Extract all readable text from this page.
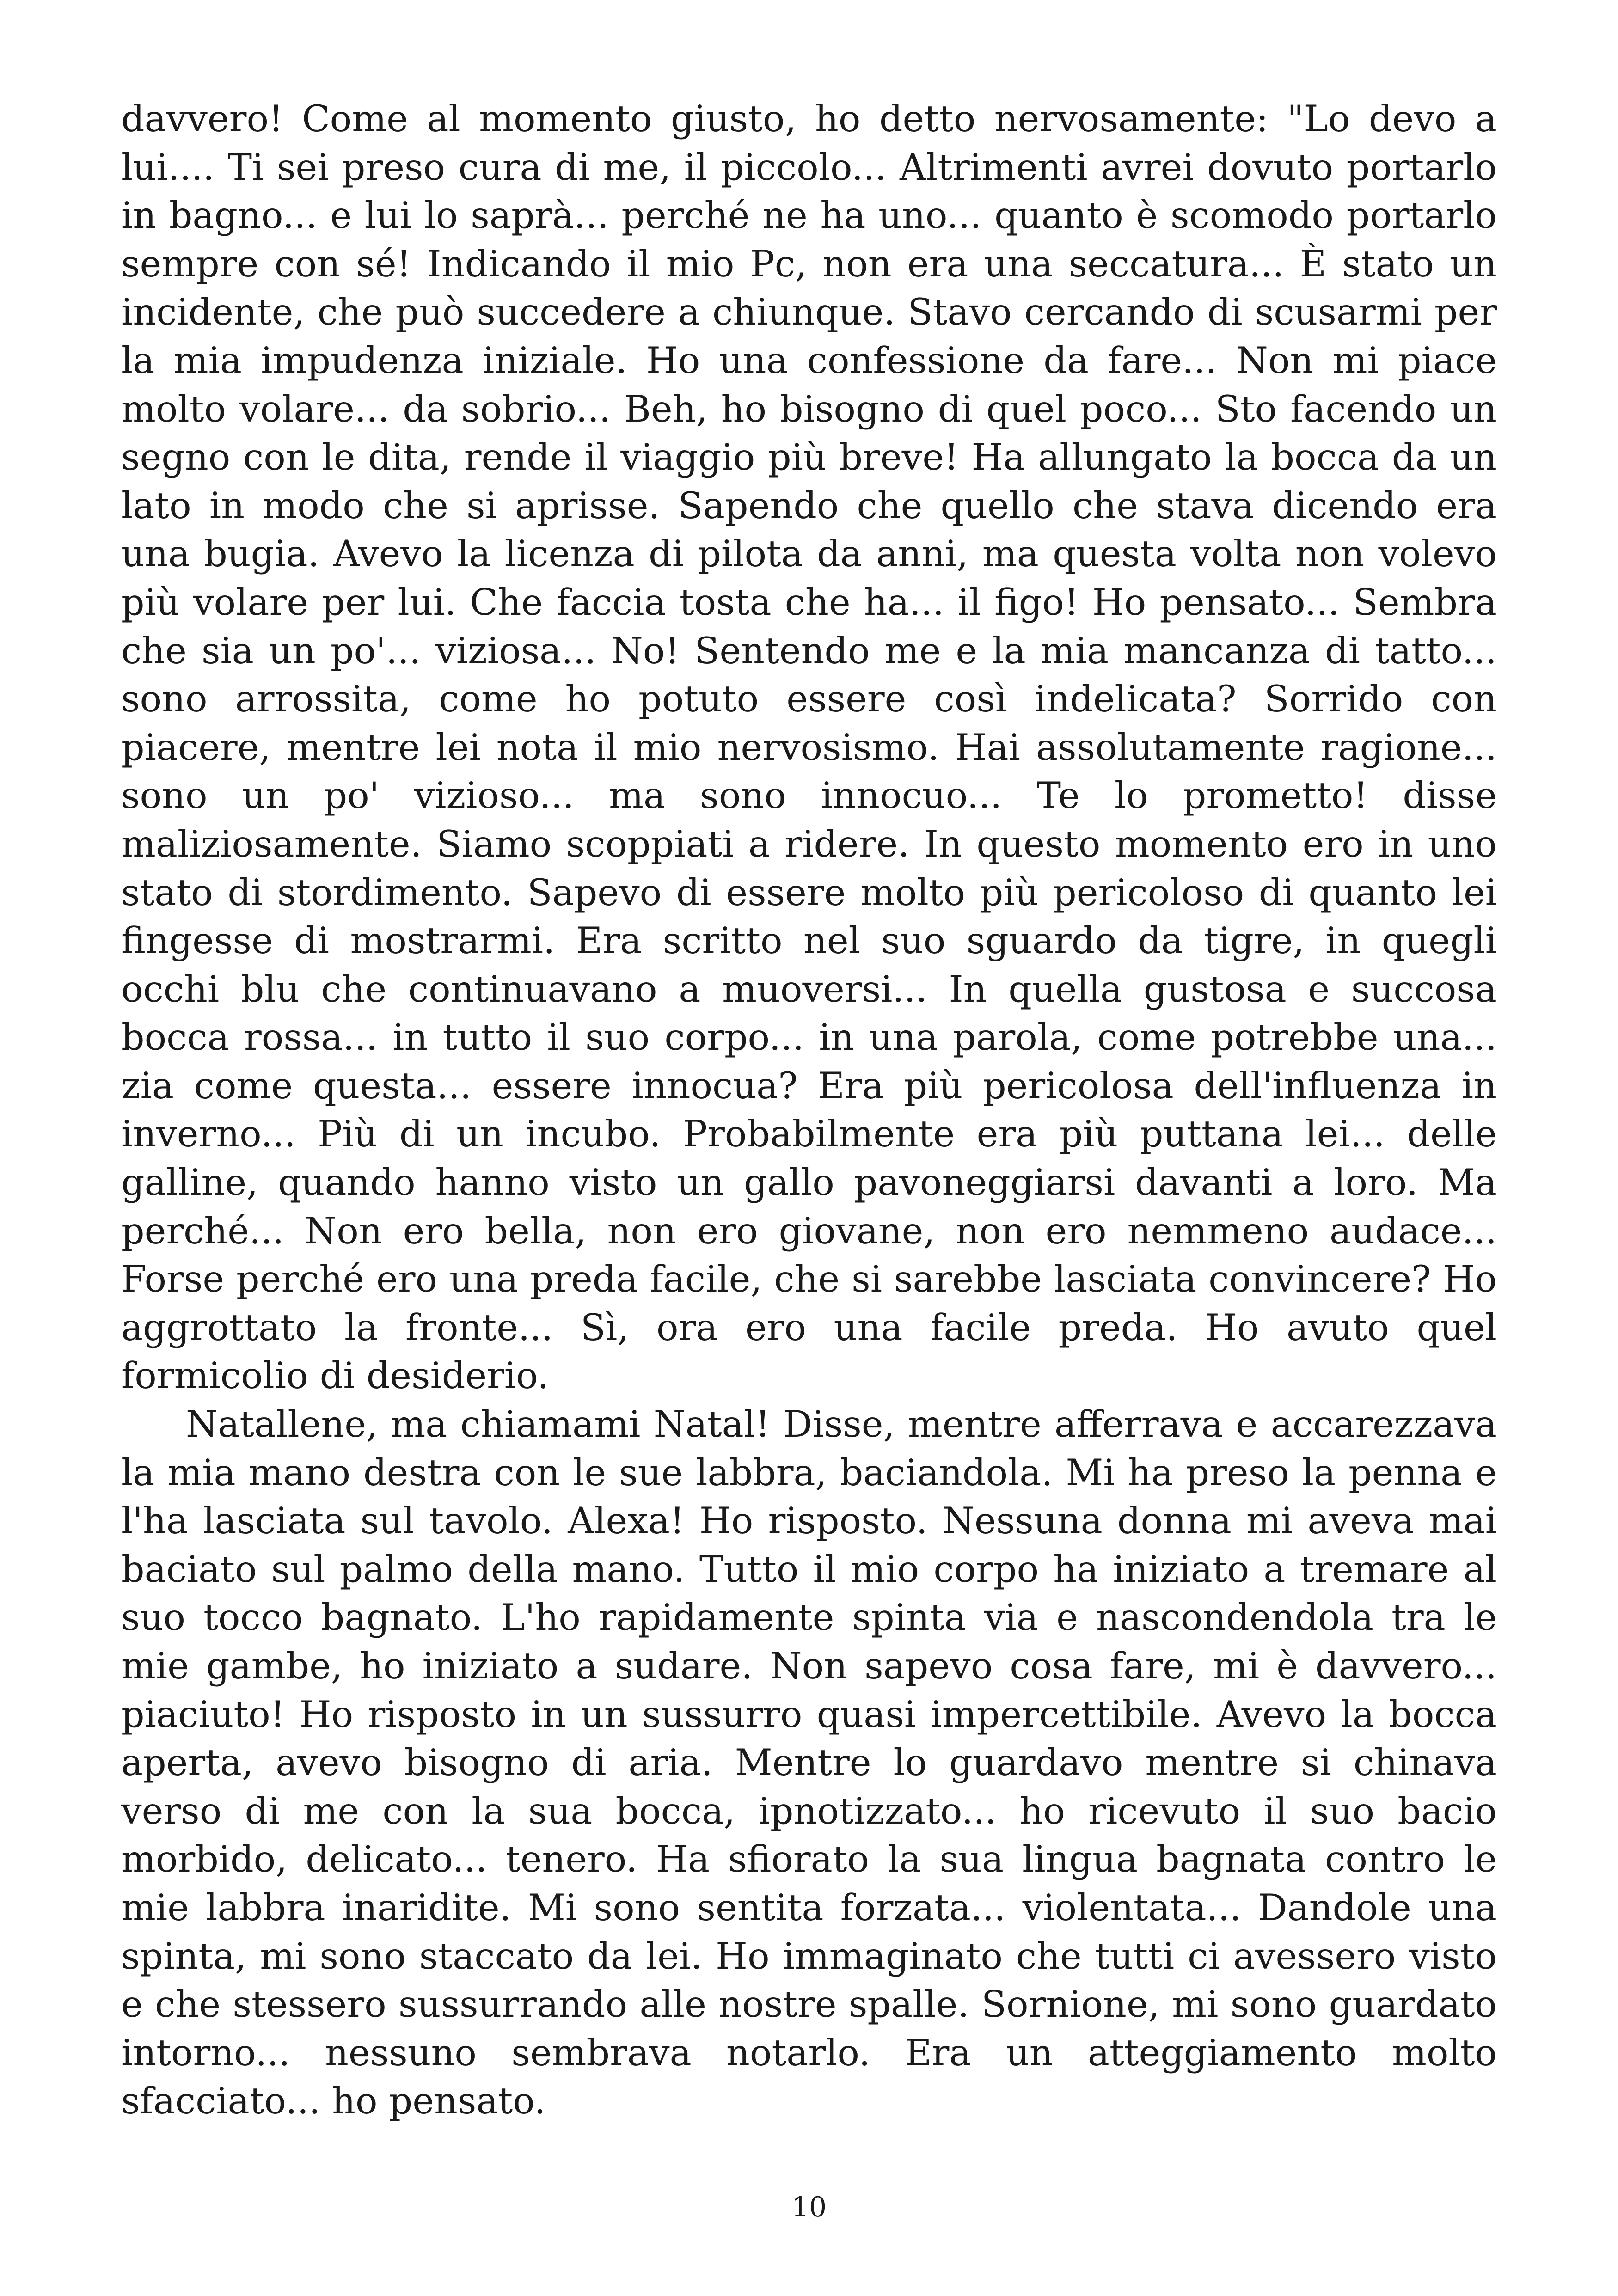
davvero! Come al momento giusto, ho detto nervosamente: "Lo devo a lui.... Ti sei preso cura di me, il piccolo... Altrimenti avrei dovuto portarlo in bagno... e lui lo saprà... perché ne ha uno... quanto è scomodo portarlo sempre con sé! Indicando il mio Pc, non era una seccatura... È stato un incidente, che può succedere a chiunque. Stavo cercando di scusarmi per la mia impudenza iniziale. Ho una confessione da fare... Non mi piace molto volare... da sobrio... Beh, ho bisogno di quel poco... Sto facendo un segno con le dita, rende il viaggio più breve! Ha allungato la bocca da un lato in modo che si aprisse. Sapendo che quello che stava dicendo era una bugia. Avevo la licenza di pilota da anni, ma questa volta non volevo più volare per lui. Che faccia tosta che ha... il figo! Ho pensato... Sembra che sia un po'... viziosa... No! Sentendo me e la mia mancanza di tatto... sono arrossita, come ho potuto essere così indelicata? Sorrido con piacere, mentre lei nota il mio nervosismo. Hai assolutamente ragione... sono un po' vizioso... ma sono innocuo... Te lo prometto! disse maliziosamente. Siamo scoppiati a ridere. In questo momento ero in uno stato di stordimento. Sapevo di essere molto più pericoloso di quanto lei fingesse di mostrarmi. Era scritto nel suo sguardo da tigre, in quegli occhi blu che continuavano a muoversi... In quella gustosa e succosa bocca rossa... in tutto il suo corpo... in una parola, come potrebbe una... zia come questa... essere innocua? Era più pericolosa dell'influenza in inverno... Più di un incubo. Probabilmente era più puttana lei... delle galline, quando hanno visto un gallo pavoneggiarsi davanti a loro. Ma perché... Non ero bella, non ero giovane, non ero nemmeno audace... Forse perché ero una preda facile, che si sarebbe lasciata convincere? Ho aggrottato la fronte... Sì, ora ero una facile preda. Ho avuto quel formicolio di desiderio.

Natallene, ma chiamami Natal! Disse, mentre afferrava e accarezzava la mia mano destra con le sue labbra, baciandola. Mi ha preso la penna e l'ha lasciata sul tavolo. Alexa! Ho risposto. Nessuna donna mi aveva mai baciato sul palmo della mano. Tutto il mio corpo ha iniziato a tremare al suo tocco bagnato. L'ho rapidamente spinta via e nascondendola tra le mie gambe, ho iniziato a sudare. Non sapevo cosa fare, mi è davvero... piaciuto! Ho risposto in un sussurro quasi impercettibile. Avevo la bocca aperta, avevo bisogno di aria. Mentre lo guardavo mentre si chinava verso di me con la sua bocca, ipnotizzato... ho ricevuto il suo bacio morbido, delicato... tenero. Ha sfiorato la sua lingua bagnata contro le mie labbra inaridite. Mi sono sentita forzata... violentata... Dandole una spinta, mi sono staccato da lei. Ho immaginato che tutti ci avessero visto e che stessero sussurrando alle nostre spalle. Sornione, mi sono guardato intorno... nessuno sembrava notarlo. Era un atteggiamento molto sfacciato... ho pensato.

10
